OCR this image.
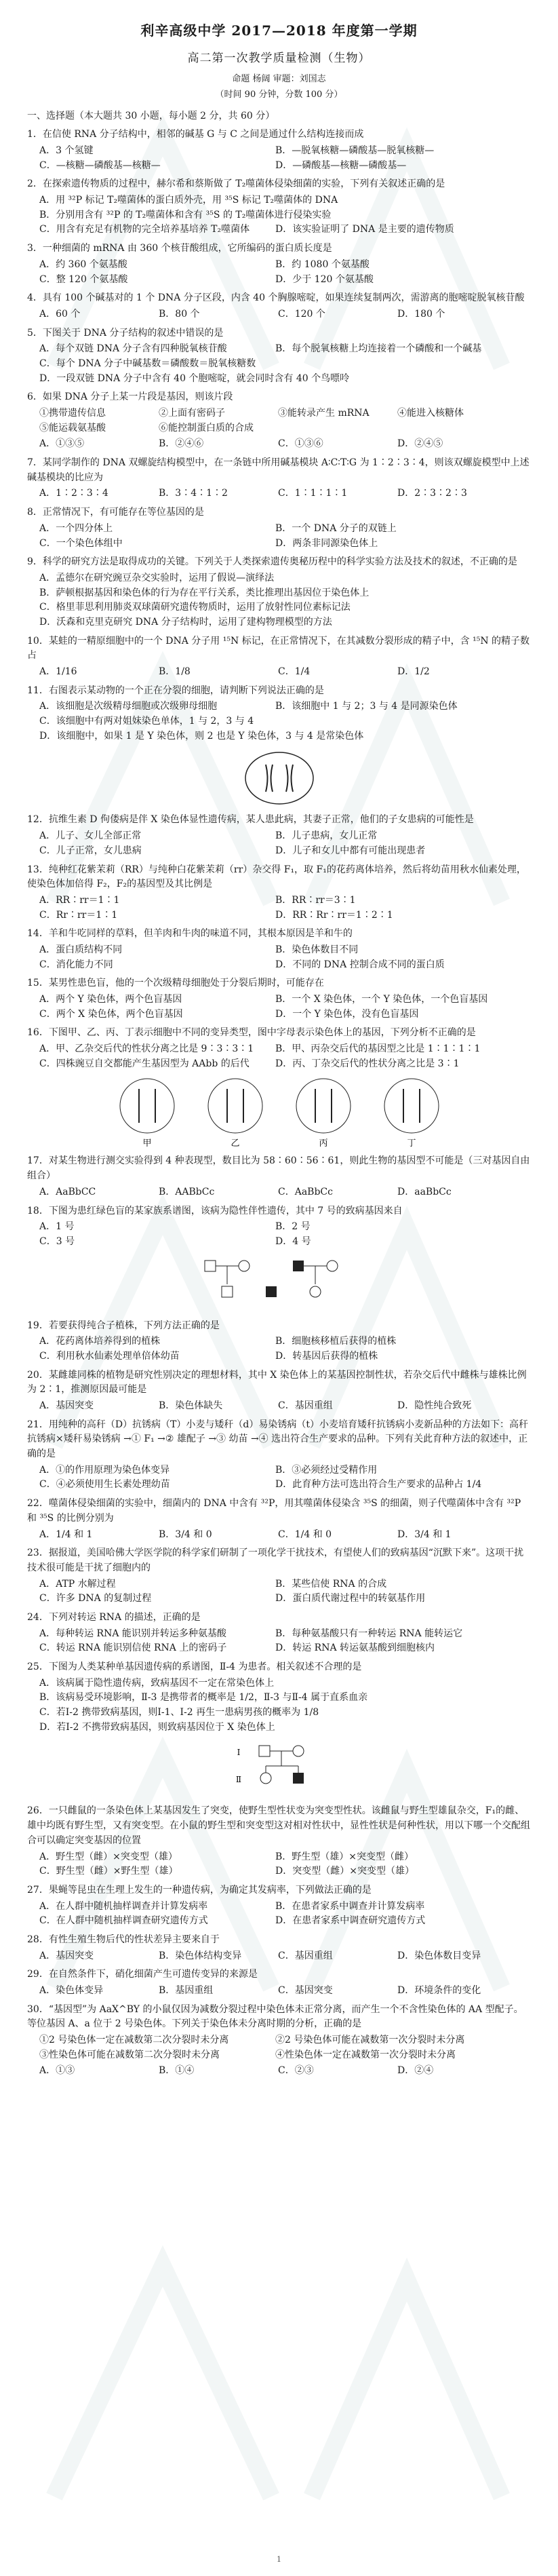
利辛高级中学 2017—2018 年度第一学期
高二第一次教学质量检测（生物）
命题 杨阔 审题：刘国志
（时间 90 分钟，分数 100 分）
一、选择题（本大题共 30 小题，每小题 2 分，共 60 分）
1．在信使 RNA 分子结构中，相邻的碱基 G 与 C 之间是通过什么结构连接而成
A．3 个氢键	B．—脱氧核糖—磷酸基—脱氧核糖—
C．—核糖—磷酸基—核糖—	D．—磷酸基—核糖—磷酸基—
2．在探索遗传物质的过程中，赫尔希和蔡斯做了 T₂噬菌体侵染细菌的实验，下列有关叙述正确的是
A．用 ³²P 标记 T₂噬菌体的蛋白质外壳，用 ³⁵S 标记 T₂噬菌体的 DNA
B．分别用含有 ³²P 的 T₂噬菌体和含有 ³⁵S 的 T₂噬菌体进行侵染实验
C．用含有充足有机物的完全培养基培养 T₂噬菌体	D．该实验证明了 DNA 是主要的遗传物质
3．一种细菌的 mRNA 由 360 个核苷酸组成，它所编码的蛋白质长度是
A．约 360 个氨基酸	B．约 1080 个氨基酸
C．整 120 个氨基酸	D．少于 120 个氨基酸
4．具有 100 个碱基对的 1 个 DNA 分子区段，内含 40 个胸腺嘧啶，如果连续复制两次，需游离的胞嘧啶脱氧核苷酸
A．60 个	B．80 个	C．120 个	D．180 个
5．下图关于 DNA 分子结构的叙述中错误的是
A．每个双链 DNA 分子含有四种脱氧核苷酸	B．每个脱氧核糖上均连接着一个磷酸和一个碱基
C．每个 DNA 分子中碱基数＝磷酸数＝脱氧核糖数
D．一段双链 DNA 分子中含有 40 个胞嘧啶，就会同时含有 40 个鸟嘌呤
6．如果 DNA 分子上某一片段是基因，则该片段
①携带遗传信息	②上面有密码子	③能转录产生 mRNA	④能进入核糖体
⑤能运载氨基酸	⑥能控制蛋白质的合成
A．①③⑤	B．②④⑥	C．①③⑥	D．②④⑤
7．某同学制作的 DNA 双螺旋结构模型中，在一条链中所用碱基模块 A∶C∶T∶G 为 1∶2∶3∶4，则该双螺旋模型中上述碱基模块的比应为
A．1∶2∶3∶4	B．3∶4∶1∶2	C．1∶1∶1∶1	D．2∶3∶2∶3
8．正常情况下，有可能存在等位基因的是
A．一个四分体上	B．一个 DNA 分子的双链上
C．一个染色体组中	D．两条非同源染色体上
9．科学的研究方法是取得成功的关键。下列关于人类探索遗传奥秘历程中的科学实验方法及技术的叙述，不正确的是
A．孟德尔在研究豌豆杂交实验时，运用了假说—演绎法
B．萨顿根据基因和染色体的行为存在平行关系，类比推理出基因位于染色体上
C．格里菲思利用肺炎双球菌研究遗传物质时，运用了放射性同位素标记法
D．沃森和克里克研究 DNA 分子结构时，运用了建构物理模型的方法
10．某蛙的一精原细胞中的一个 DNA 分子用 ¹⁵N 标记，在正常情况下，在其减数分裂形成的精子中，含 ¹⁵N 的精子数占
A．1/16	B．1/8	C．1/4	D．1/2
11．右图表示某动物的一个正在分裂的细胞，请判断下列说法正确的是
A．该细胞是次级精母细胞或次级卵母细胞	B．该细胞中 1 与 2；3 与 4 是同源染色体
C．该细胞中有两对姐妹染色单体，1 与 2，3 与 4
D．该细胞中，如果 1 是 Y 染色体，则 2 也是 Y 染色体，3 与 4 是常染色体
12．抗维生素 D 佝偻病是伴 X 染色体显性遗传病，某人患此病，其妻子正常，他们的子女患病的可能性是
A．儿子、女儿全部正常	B．儿子患病，女儿正常
C．儿子正常，女儿患病	D．儿子和女儿中都有可能出现患者
13．纯种红花紫茉莉（RR）与纯种白花紫茉莉（rr）杂交得 F₁，取 F₁的花药离体培养，然后将幼苗用秋水仙素处理，使染色体加倍得 F₂，F₂的基因型及其比例是
A．RR∶rr＝1∶1	B．RR∶rr＝3∶1
C．Rr∶rr＝1∶1	D．RR∶Rr∶rr＝1∶2∶1
14．羊和牛吃同样的草料，但羊肉和牛肉的味道不同，其根本原因是羊和牛的
A．蛋白质结构不同	B．染色体数目不同
C．消化能力不同	D．不同的 DNA 控制合成不同的蛋白质
15．某男性患色盲，他的一个次级精母细胞处于分裂后期时，可能存在
A．两个 Y 染色体，两个色盲基因	B．一个 X 染色体，一个 Y 染色体，一个色盲基因
C．两个 X 染色体，两个色盲基因	D．一个 Y 染色体，没有色盲基因
16．下图甲、乙、丙、丁表示细胞中不同的变异类型，图中字母表示染色体上的基因，下列分析不正确的是
A．甲、乙杂交后代的性状分离之比是 9∶3∶3∶1	B．甲、丙杂交后代的基因型之比是 1∶1∶1∶1
C．四株豌豆自交都能产生基因型为 AAbb 的后代	D．丙、丁杂交后代的性状分离之比是 3∶1
甲	乙	丙	丁
17．对某生物进行测交实验得到 4 种表现型，数目比为 58∶60∶56∶61，则此生物的基因型不可能是（三对基因自由组合）
A．AaBbCC	B．AABbCc	C．AaBbCc	D．aaBbCc
18．下图为患红绿色盲的某家族系谱图，该病为隐性伴性遗传，其中 7 号的致病基因来自
A．1 号	B．2 号
C．3 号	D．4 号
19．若要获得纯合子植株，下列方法正确的是
A．花药离体培养得到的植株	B．细胞核移植后获得的植株
C．利用秋水仙素处理单倍体幼苗	D．转基因后获得的植株
20．某雌雄同株的植物是研究性别决定的理想材料，其中 X 染色体上的某基因控制性状，若杂交后代中雌株与雄株比例为 2∶1，推测原因最可能是
A．基因突变	B．染色体缺失	C．基因重组	D．隐性纯合致死
21．用纯种的高秆（D）抗锈病（T）小麦与矮秆（d）易染锈病（t）小麦培育矮秆抗锈病小麦新品种的方法如下：高秆抗锈病×矮秆易染锈病 →① F₁ →② 雄配子 →③ 幼苗 →④ 选出符合生产要求的品种。下列有关此育种方法的叙述中，正确的是
A．①的作用原理为染色体变异	B．③必须经过受精作用
C．④必须使用生长素处理幼苗	D．此育种方法可选出符合生产要求的品种占 1/4
22．噬菌体侵染细菌的实验中，细菌内的 DNA 中含有 ³²P，用其噬菌体侵染含 ³⁵S 的细菌，则子代噬菌体中含有 ³²P 和 ³⁵S 的比例分别为
A．1/4 和 1	B．3/4 和 0	C．1/4 和 0	D．3/4 和 1
23．据报道，美国哈佛大学医学院的科学家们研制了一项化学干扰技术，有望使人们的致病基因“沉默下来”。这项干扰技术很可能是干扰了细胞内的
A．ATP 水解过程	B．某些信使 RNA 的合成
C．许多 DNA 的复制过程	D．蛋白质代谢过程中的转氨基作用
24．下列对转运 RNA 的描述，正确的是
A．每种转运 RNA 能识别并转运多种氨基酸	B．每种氨基酸只有一种转运 RNA 能转运它
C．转运 RNA 能识别信使 RNA 上的密码子	D．转运 RNA 转运氨基酸到细胞核内
25．下图为人类某种单基因遗传病的系谱图，Ⅱ-4 为患者。相关叙述不合理的是
A．该病属于隐性遗传病，致病基因不一定在常染色体上
B．该病易受环境影响，Ⅱ-3 是携带者的概率是 1/2，Ⅱ-3 与Ⅱ-4 属于直系血亲
C．若Ⅰ-2 携带致病基因，则Ⅰ-1、Ⅰ-2 再生一患病男孩的概率为 1/8
D．若Ⅰ-2 不携带致病基因，则致病基因位于 X 染色体上
Ⅰ
Ⅱ
26．一只雌鼠的一条染色体上某基因发生了突变，使野生型性状变为突变型性状。该雌鼠与野生型雄鼠杂交，F₁的雌、雄中均既有野生型，又有突变型。在小鼠的野生型和突变型这对相对性状中，显性性状是何种性状，用以下哪一个交配组合可以确定突变基因的位置
A．野生型（雌）×突变型（雄）	B．野生型（雄）×突变型（雌）
C．野生型（雌）×野生型（雄）	D．突变型（雌）×突变型（雄）
27．果蝇等昆虫在生理上发生的一种遗传病，为确定其发病率，下列做法正确的是
A．在人群中随机抽样调查并计算发病率	B．在患者家系中调查并计算发病率
C．在人群中随机抽样调查研究遗传方式	D．在患者家系中调查研究遗传方式
28．有性生殖生物后代的性状差异主要来自于
A．基因突变	B．染色体结构变异	C．基因重组	D．染色体数目变异
29．在自然条件下，硝化细菌产生可遗传变异的来源是
A．染色体变异	B．基因重组	C．基因突变	D．环境条件的变化
30．“基因型”为 AaX^BY 的小鼠仅因为减数分裂过程中染色体未正常分离，而产生一个不含性染色体的 AA 型配子。等位基因 A、a 位于 2 号染色体。下列关于染色体未分离时期的分析，正确的是
①2 号染色体一定在减数第二次分裂时未分离	②2 号染色体可能在减数第一次分裂时未分离
③性染色体可能在减数第二次分裂时未分离	④性染色体一定在减数第一次分裂时未分离
A．①③	B．①④	C．②③	D．②④
1
